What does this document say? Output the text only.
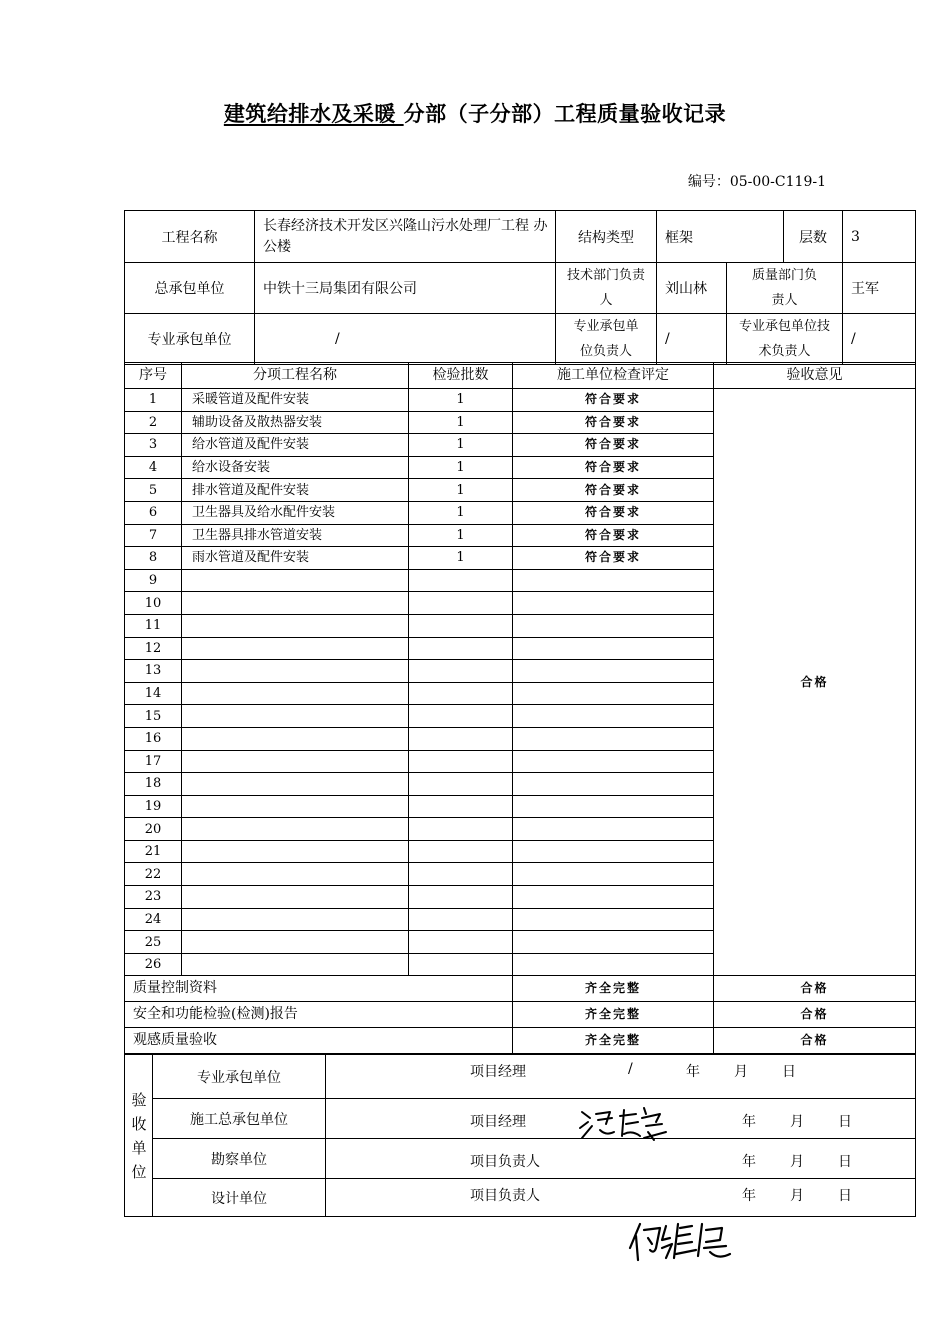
建筑给排水及采暖 分部（子分部）工程质量验收记录
编号：05-00-C119-1
工程名称	长春经济技术开发区兴隆山污水处理厂工程 办公楼	结构类型	框架		层数	3
总承包单位	中铁十三局集团有限公司	技术部门负责人	刘山林	质量部门负责人		王军
专业承包单位	/	专业承包单位负责人	/	专业承包单位技术负责人		/
序号	分项工程名称	检验批数	施工单位检查评定	验收意见
1	采暖管道及配件安装	1	符合要求	合格
2	辅助设备及散热器安装	1	符合要求	
3	给水管道及配件安装	1	符合要求	
4	给水设备安装	1	符合要求	
5	排水管道及配件安装	1	符合要求	
6	卫生器具及给水配件安装	1	符合要求	
7	卫生器具排水管道安装	1	符合要求	
8	雨水管道及配件安装	1	符合要求	
9				
10				
11				
12				
13				
14				
15				
16				
17				
18				
19				
20				
21				
22				
23				
24				
25				
26				
质量控制资料			齐全完整	合格
安全和功能检验(检测)报告			齐全完整	合格
观感质量验收			齐全完整	合格
验收单位	专业承包单位	项目经理 / 年 月 日

	施工总承包单位	项目经理 年 月 日

	勘察单位	项目负责人 年 月 日

	设计单位	项目负责人 年 月 日
